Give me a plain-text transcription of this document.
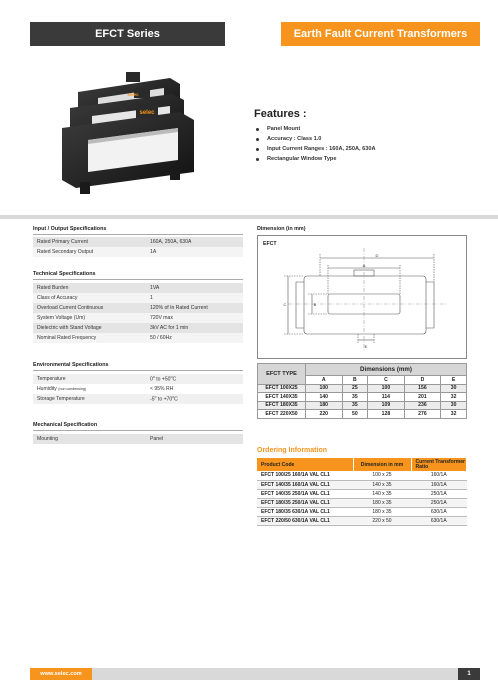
EFCT Series	Earth Fault Current Transformers
selec
selec
Features :
Panel Mount
Accuracy : Class 1.0
Input Current Ranges : 160A, 250A, 630A
Rectangular Window Type
Input / Output Specifications
Rated Primary Current	160A, 250A, 630A
Rated Secondary Output	1A
Technical Specifications
Rated Burden	1VA
Class of Accuracy	1
Overload Current Continuous	120% of In Rated Current
System Voltage (Um)	720V max
Dielectric with Stand Voltage	3kV AC for 1 min
Nominal Rated Frequency	50 / 60Hz
Environmental Specifications
Temperature	0$^o$ to $+50^oC$
Humidity (non condensing)	< 95% RH
Storage Temperature	-5$^o$ to $+70^oC$
Mechanical Specification
Mounting	Panel
Dimension (in mm)
EFCT
D
A
B
C
E
EFCT TYPE	Dimensions (mm)				
	A	B	C	D	E
EFCT 100X25	100	25	100	156	30
EFCT 140X35	140	35	114	201	32
EFCT 180X35	180	35	109	236	30
EFCT 220X50	220	50	128	276	32
Ordering Information
Product Code	Dimension in mm	Current Transformer Ratio
EFCT 100/25 160/1A VAL CL1	100 x 25	160/1A
EFCT 140/35 160/1A VAL CL1	140 x 35	160/1A
EFCT 140/35 250/1A VAL CL1	140 x 35	250/1A
EFCT 180/35 250/1A VAL CL1	180 x 35	250/1A
EFCT 180/35 630/1A VAL CL1	180 x 35	630/1A
EFCT 220/50 630/1A VAL CL1	220 x 50	630/1A
www.selec.com	1
